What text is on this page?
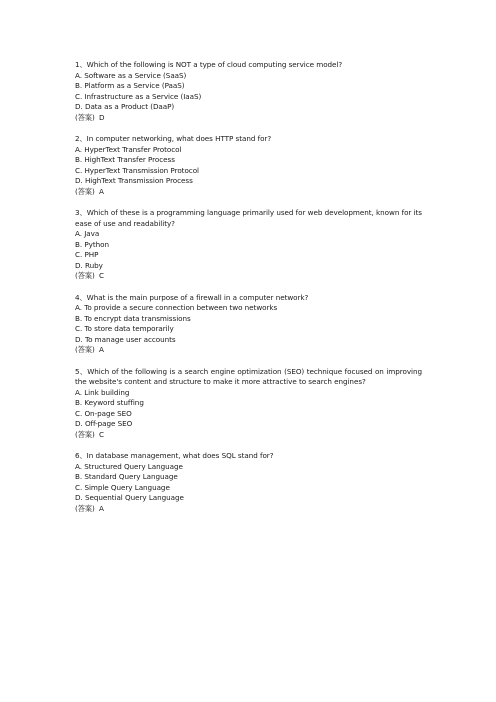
1、Which of the following is NOT a type of cloud computing service model?
A. Software as a Service (SaaS)
B. Platform as a Service (PaaS)
C. Infrastructure as a Service (IaaS)
D. Data as a Product (DaaP)
(答案) D
2、In computer networking, what does HTTP stand for?
A. HyperText Transfer Protocol
B. HighText Transfer Process
C. HyperText Transmission Protocol
D. HighText Transmission Process
(答案) A
3、Which of these is a programming language primarily used for web development, known for its ease of use and readability?
A. Java
B. Python
C. PHP
D. Ruby
(答案) C
4、What is the main purpose of a firewall in a computer network?
A. To provide a secure connection between two networks
B. To encrypt data transmissions
C. To store data temporarily
D. To manage user accounts
(答案) A
5、Which of the following is a search engine optimization (SEO) technique focused on improving the website's content and structure to make it more attractive to search engines?
A. Link building
B. Keyword stuffing
C. On-page SEO
D. Off-page SEO
(答案) C
6、In database management, what does SQL stand for?
A. Structured Query Language
B. Standard Query Language
C. Simple Query Language
D. Sequential Query Language
(答案) A
